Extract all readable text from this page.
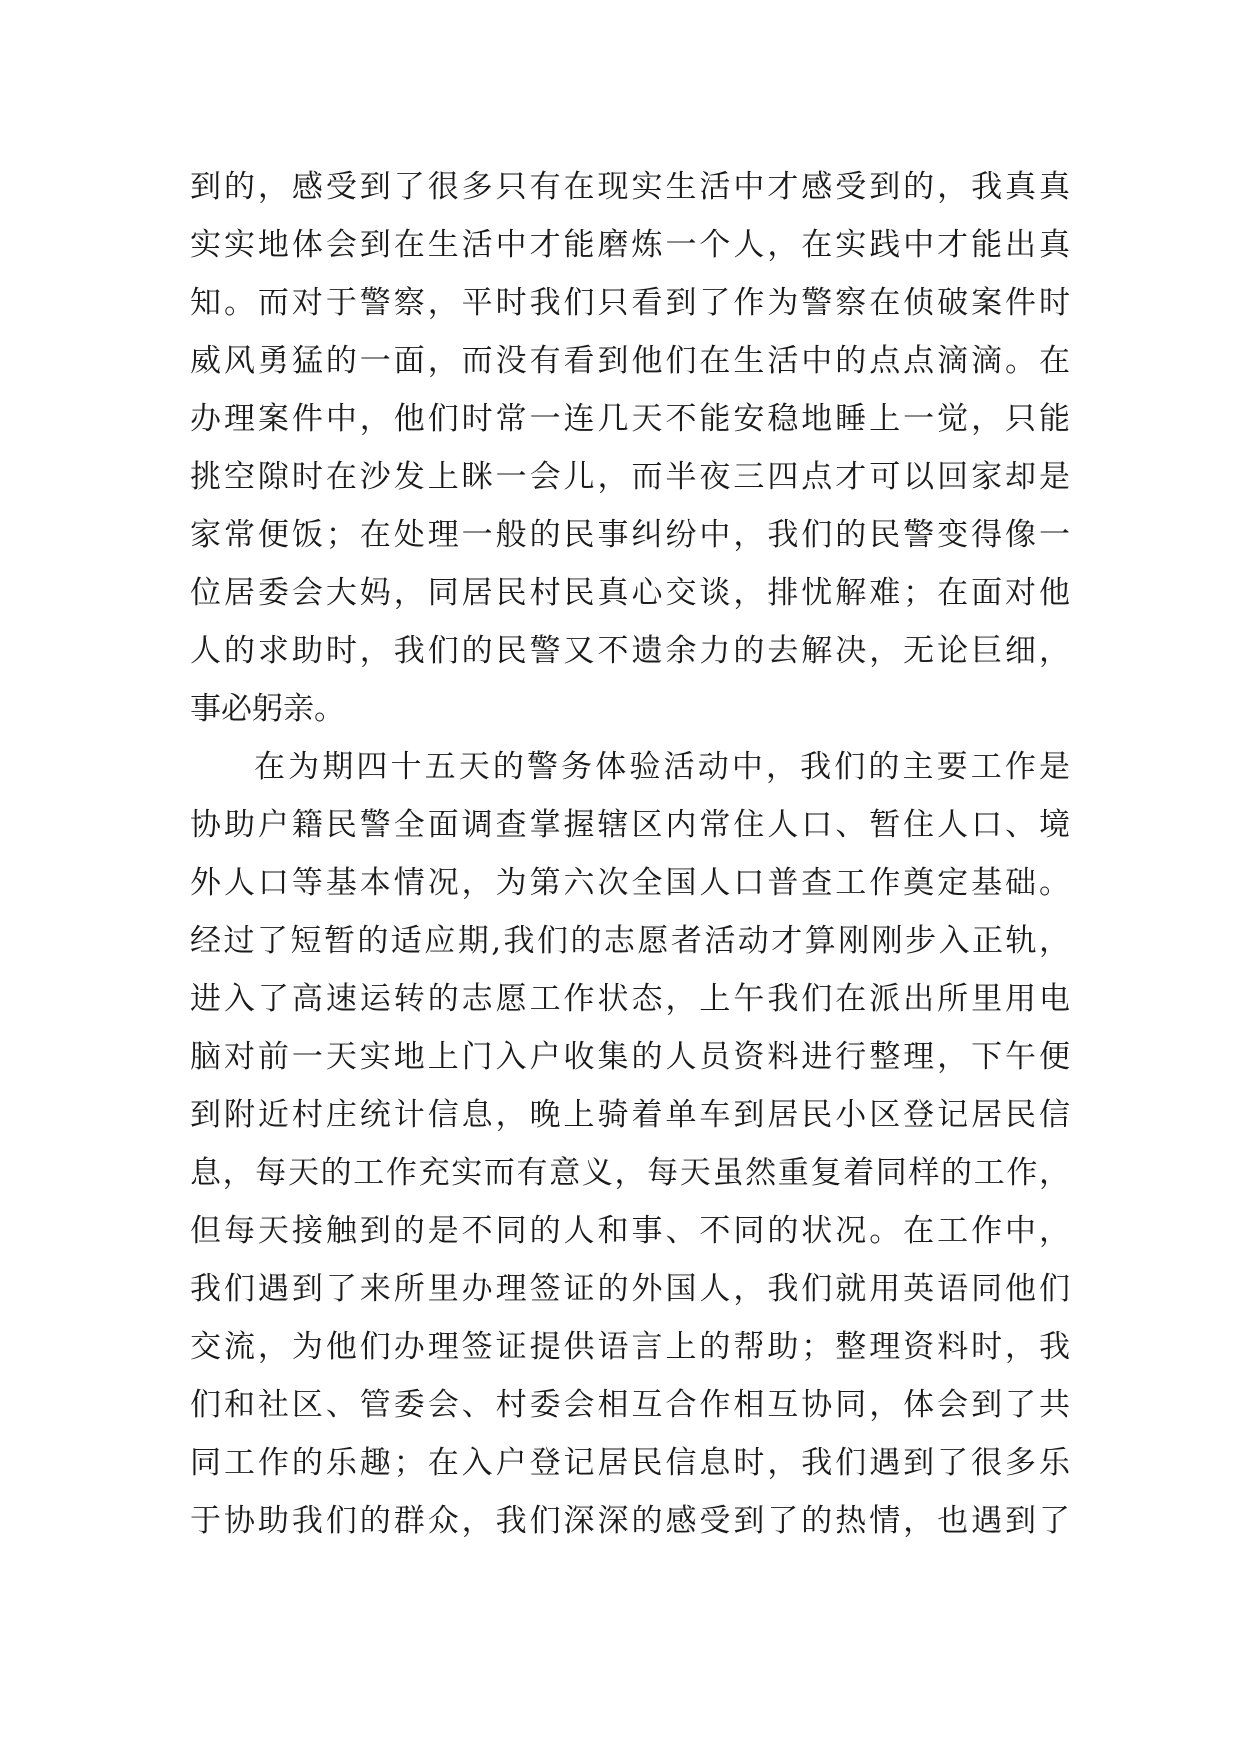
到的，感受到了很多只有在现实生活中才感受到的，我真真
实实地体会到在生活中才能磨炼一个人，在实践中才能出真
知。而对于警察，平时我们只看到了作为警察在侦破案件时
威风勇猛的一面，而没有看到他们在生活中的点点滴滴。在
办理案件中，他们时常一连几天不能安稳地睡上一觉，只能
挑空隙时在沙发上眯一会儿，而半夜三四点才可以回家却是
家常便饭；在处理一般的民事纠纷中，我们的民警变得像一
位居委会大妈，同居民村民真心交谈，排忧解难；在面对他
人的求助时，我们的民警又不遗余力的去解决，无论巨细，
事必躬亲。
在为期四十五天的警务体验活动中，我们的主要工作是
协助户籍民警全面调查掌握辖区内常住人口、暂住人口、境
外人口等基本情况，为第六次全国人口普查工作奠定基础。
经过了短暂的适应期,我们的志愿者活动才算刚刚步入正轨，
进入了高速运转的志愿工作状态，上午我们在派出所里用电
脑对前一天实地上门入户收集的人员资料进行整理，下午便
到附近村庄统计信息，晚上骑着单车到居民小区登记居民信
息，每天的工作充实而有意义，每天虽然重复着同样的工作，
但每天接触到的是不同的人和事、不同的状况。在工作中，
我们遇到了来所里办理签证的外国人，我们就用英语同他们
交流，为他们办理签证提供语言上的帮助；整理资料时，我
们和社区、管委会、村委会相互合作相互协同，体会到了共
同工作的乐趣；在入户登记居民信息时，我们遇到了很多乐
于协助我们的群众，我们深深的感受到了的热情，也遇到了
